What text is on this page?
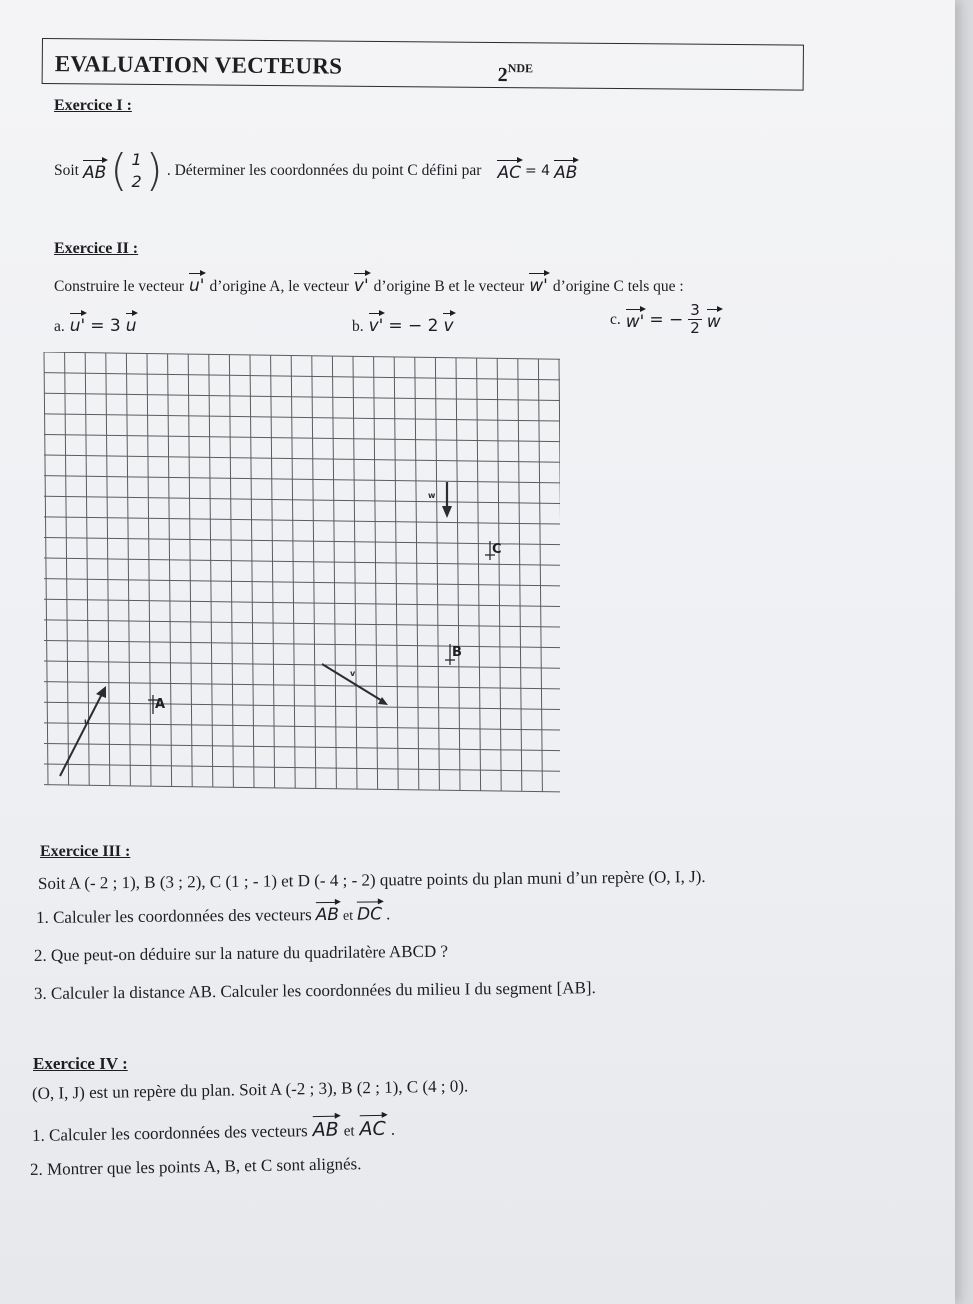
EVALUATION VECTEURS	2NDE
Exercice I :
Soit AB ( 1
2 ) . Déterminer les coordonnées du point C défini par AC = 4 AB
Exercice II :
Construire le vecteur u' d’origine A, le vecteur v' d’origine B et le vecteur w' d’origine C tels que :
a. u' = 3 u	b. v' = − 2 v	c. w' = − $\frac{3}{2}$ w
u
v
w
A
B
C
Exercice III :
Soit A (- 2 ; 1), B (3 ; 2), C (1 ; - 1) et D (- 4 ; - 2) quatre points du plan muni d’un repère (O, I, J).
1. Calculer les coordonnées des vecteurs AB et DC .
2. Que peut-on déduire sur la nature du quadrilatère ABCD ?
3. Calculer la distance AB. Calculer les coordonnées du milieu I du segment [AB].
Exercice IV :
(O, I, J) est un repère du plan. Soit A (-2 ; 3), B (2 ; 1), C (4 ; 0).
1. Calculer les coordonnées des vecteurs AB et AC .
2. Montrer que les points A, B, et C sont alignés.
